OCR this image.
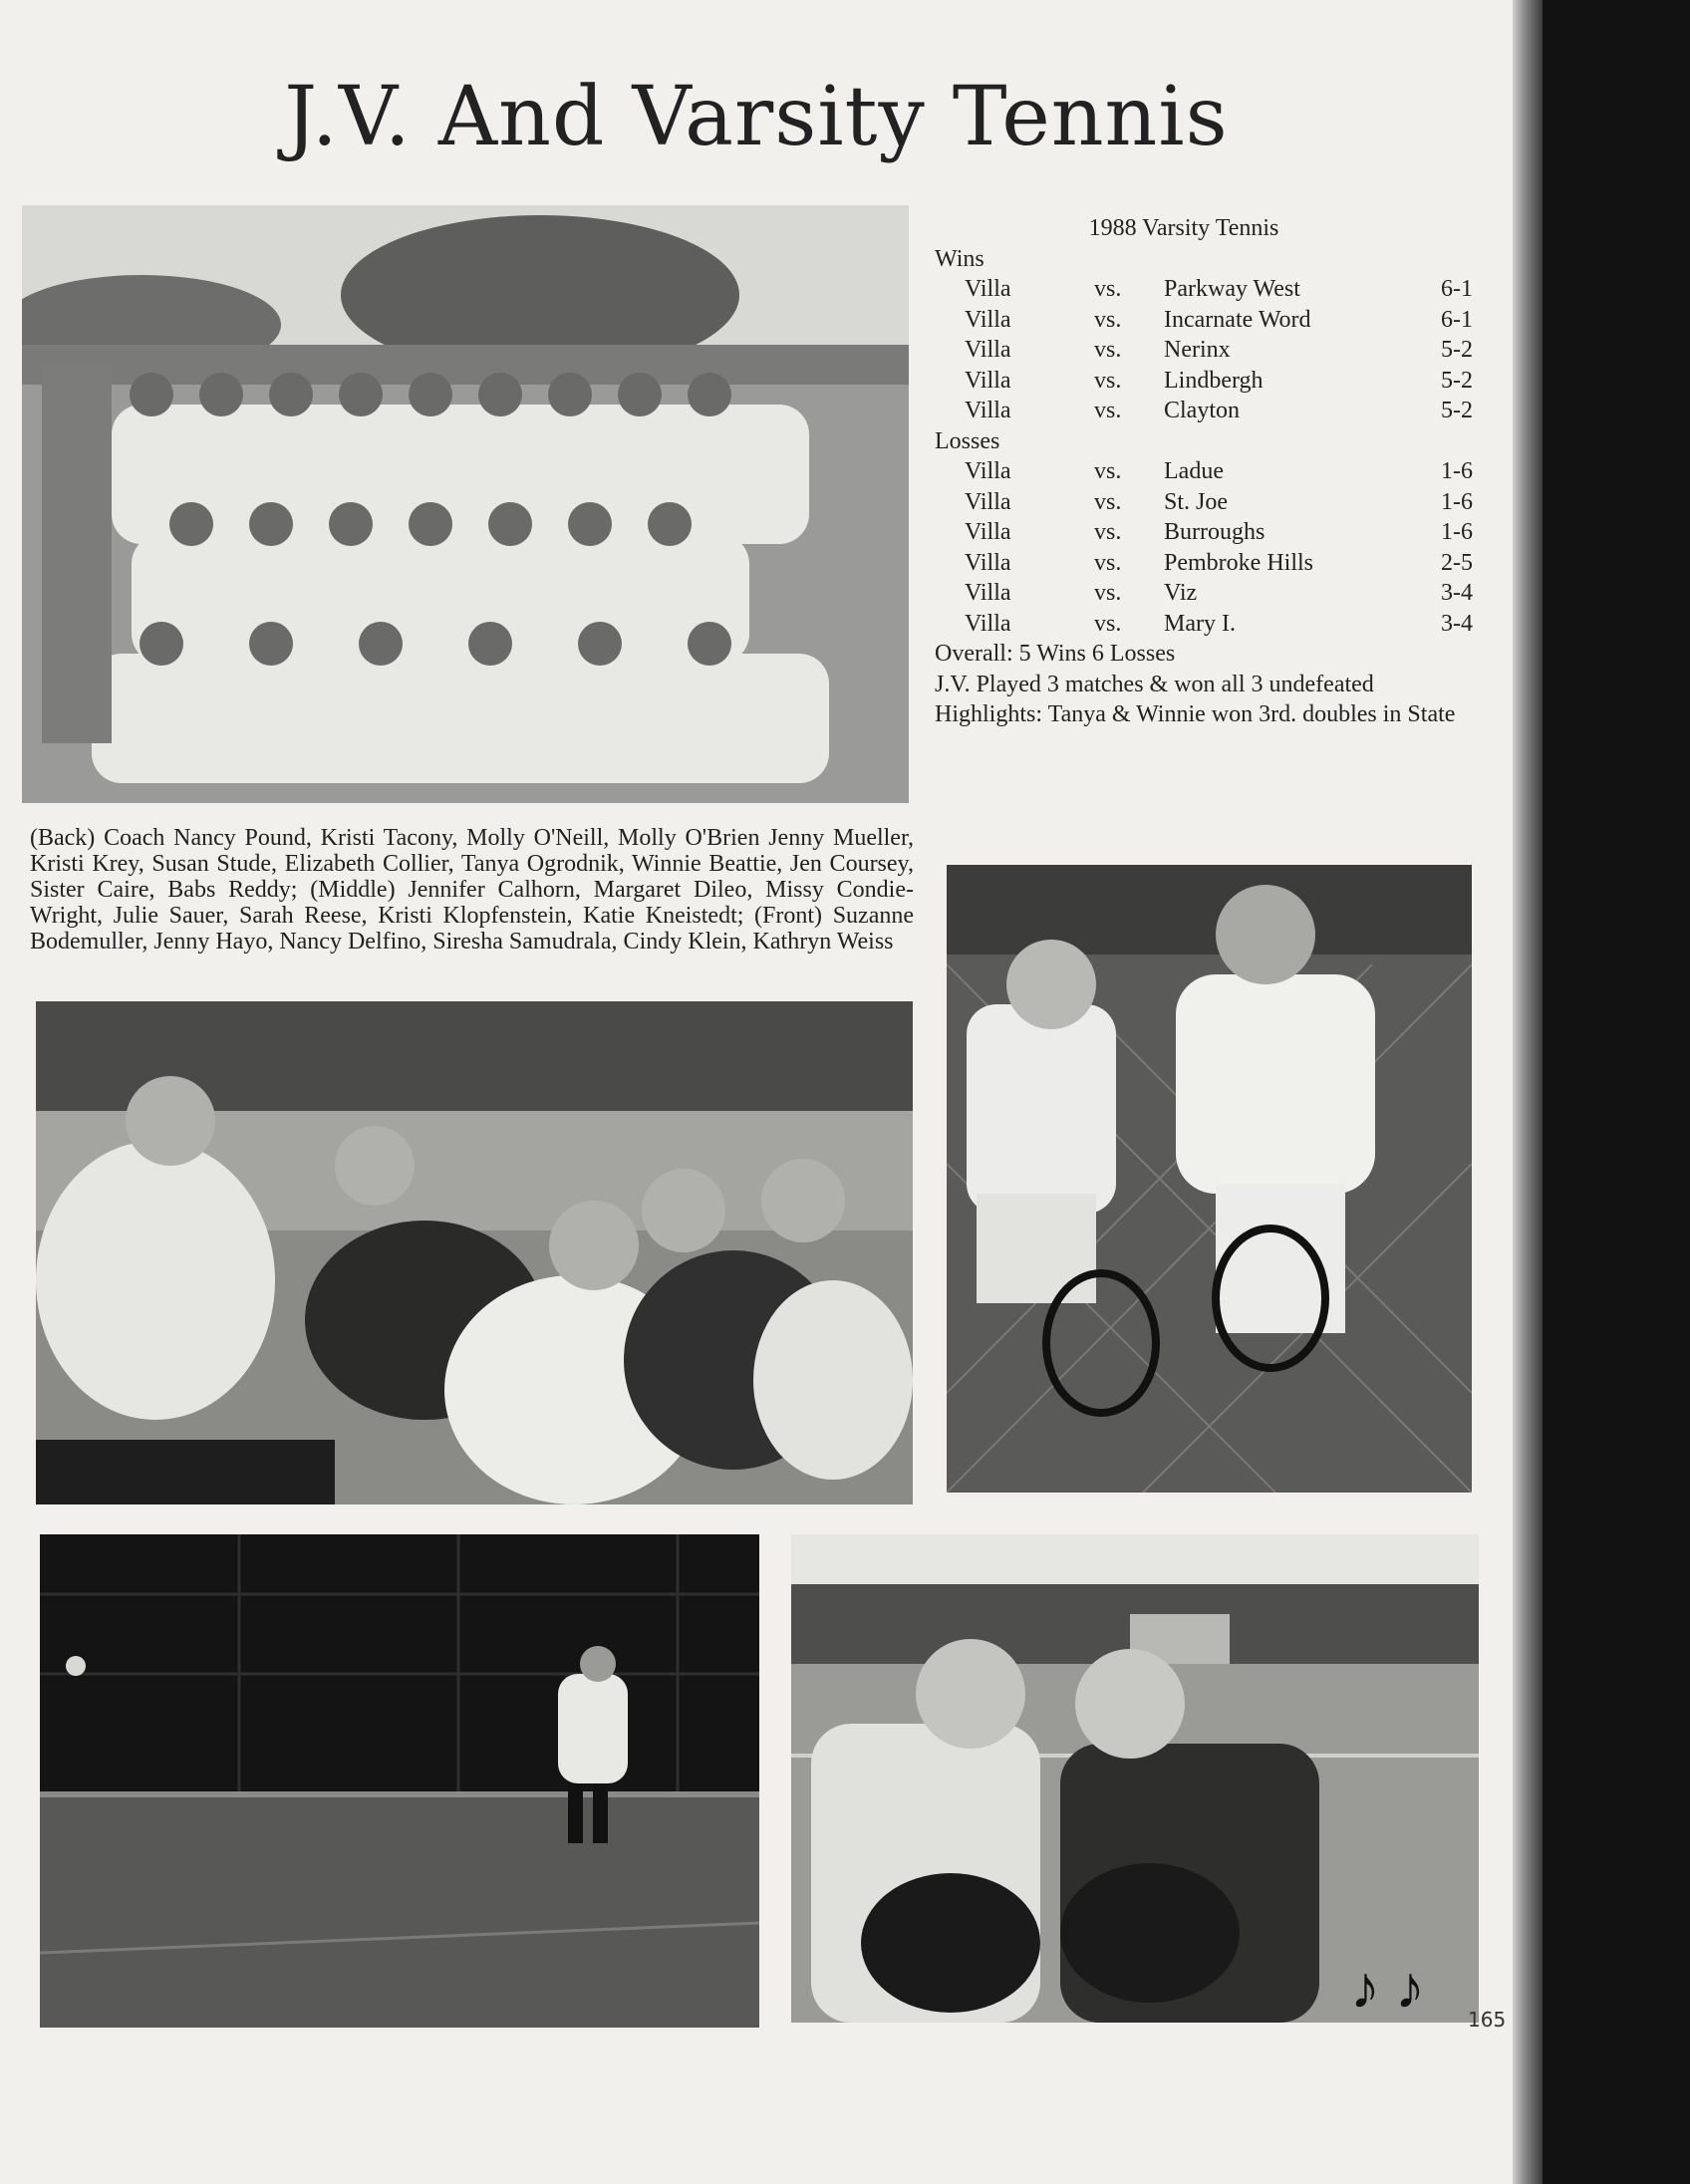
J.V. And Varsity Tennis
1988 Varsity Tennis
Wins
Villa	vs.	Parkway West	6-1
Villa	vs.	Incarnate Word	6-1
Villa	vs.	Nerinx	5-2
Villa	vs.	Lindbergh	5-2
Villa	vs.	Clayton	5-2
Losses
Villa	vs.	Ladue	1-6
Villa	vs.	St. Joe	1-6
Villa	vs.	Burroughs	1-6
Villa	vs.	Pembroke Hills	2-5
Villa	vs.	Viz	3-4
Villa	vs.	Mary I.	3-4
Overall: 5 Wins 6 Losses
J.V. Played 3 matches & won all 3 undefeated
Highlights: Tanya & Winnie won 3rd. doubles in State
(Back) Coach Nancy Pound, Kristi Tacony, Molly O'Neill, Molly O'Brien Jenny Mueller, Kristi Krey, Susan Stude, Elizabeth Collier, Tanya Ogrodnik, Winnie Beattie, Jen Coursey, Sister Caire, Babs Reddy; (Middle) Jennifer Calhorn, Margaret Dileo, Missy Condie-Wright, Julie Sauer, Sarah Reese, Kristi Klopfenstein, Katie Kneistedt; (Front) Suzanne Bodemuller, Jenny Hayo, Nancy Delfino, Siresha Samudrala, Cindy Klein, Kathryn Weiss
♪ ♪ 165
